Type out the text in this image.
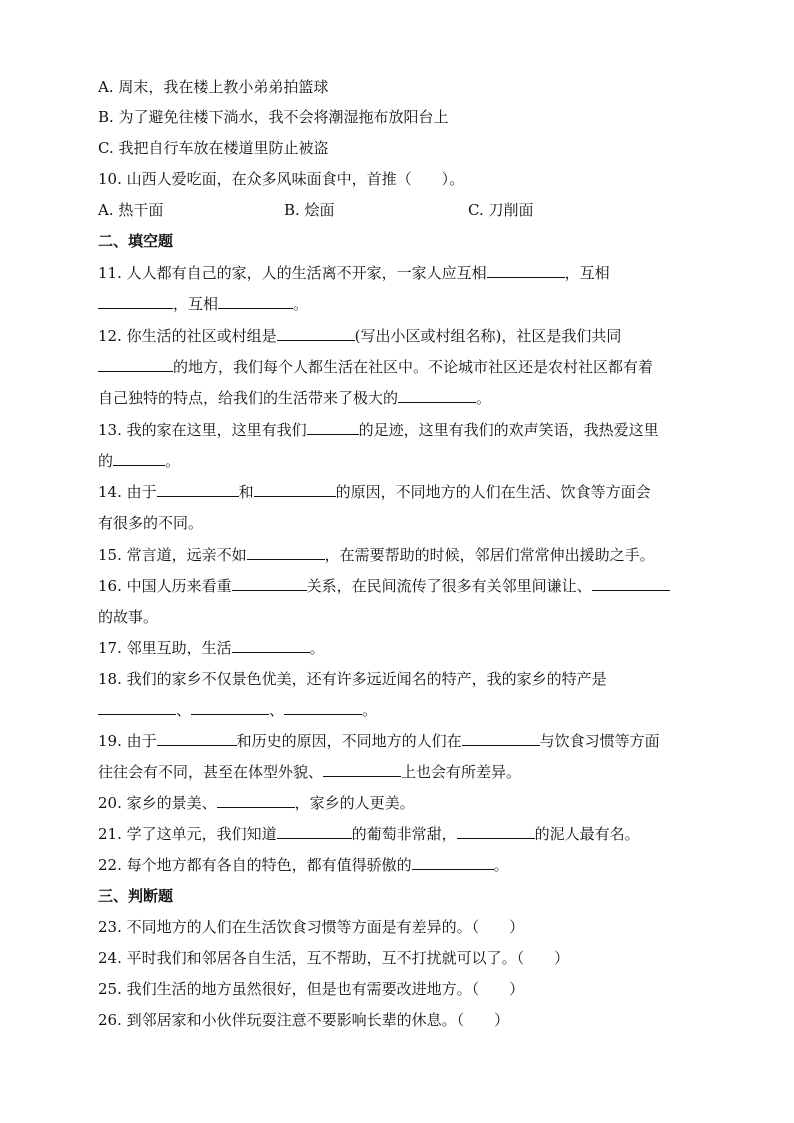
A. 周末，我在楼上教小弟弟拍篮球
B. 为了避免往楼下淌水，我不会将潮湿拖布放阳台上
C. 我把自行车放在楼道里防止被盗
10. 山西人爱吃面，在众多风味面食中，首推（　　）。
A. 热干面	B. 烩面	C. 刀削面
二、填空题
11. 人人都有自己的家，人的生活离不开家，一家人应互相	，互相
，互相	。
12. 你生活的社区或村组是	(写出小区或村组名称)，社区是我们共同
的地方，我们每个人都生活在社区中。不论城市社区还是农村社区都有着
自己独特的特点，给我们的生活带来了极大的	。
13. 我的家在这里，这里有我们	的足迹，这里有我们的欢声笑语，我热爱这里
的	。
14. 由于	和	的原因，不同地方的人们在生活、饮食等方面会
有很多的不同。
15. 常言道，远亲不如	，在需要帮助的时候，邻居们常常伸出援助之手。
16. 中国人历来看重	关系，在民间流传了很多有关邻里间谦让、
的故事。
17. 邻里互助，生活	。
18. 我们的家乡不仅景色优美，还有许多远近闻名的特产，我的家乡的特产是
、	、	。
19. 由于	和历史的原因，不同地方的人们在	与饮食习惯等方面
往往会有不同，甚至在体型外貌、	上也会有所差异。
20. 家乡的景美、	，家乡的人更美。
21. 学了这单元，我们知道	的葡萄非常甜，	的泥人最有名。
22. 每个地方都有各自的特色，都有值得骄傲的	。
三、判断题
23. 不同地方的人们在生活饮食习惯等方面是有差异的。（　　）
24. 平时我们和邻居各自生活，互不帮助，互不打扰就可以了。（　　）
25. 我们生活的地方虽然很好，但是也有需要改进地方。（　　）
26. 到邻居家和小伙伴玩耍注意不要影响长辈的休息。（　　）
